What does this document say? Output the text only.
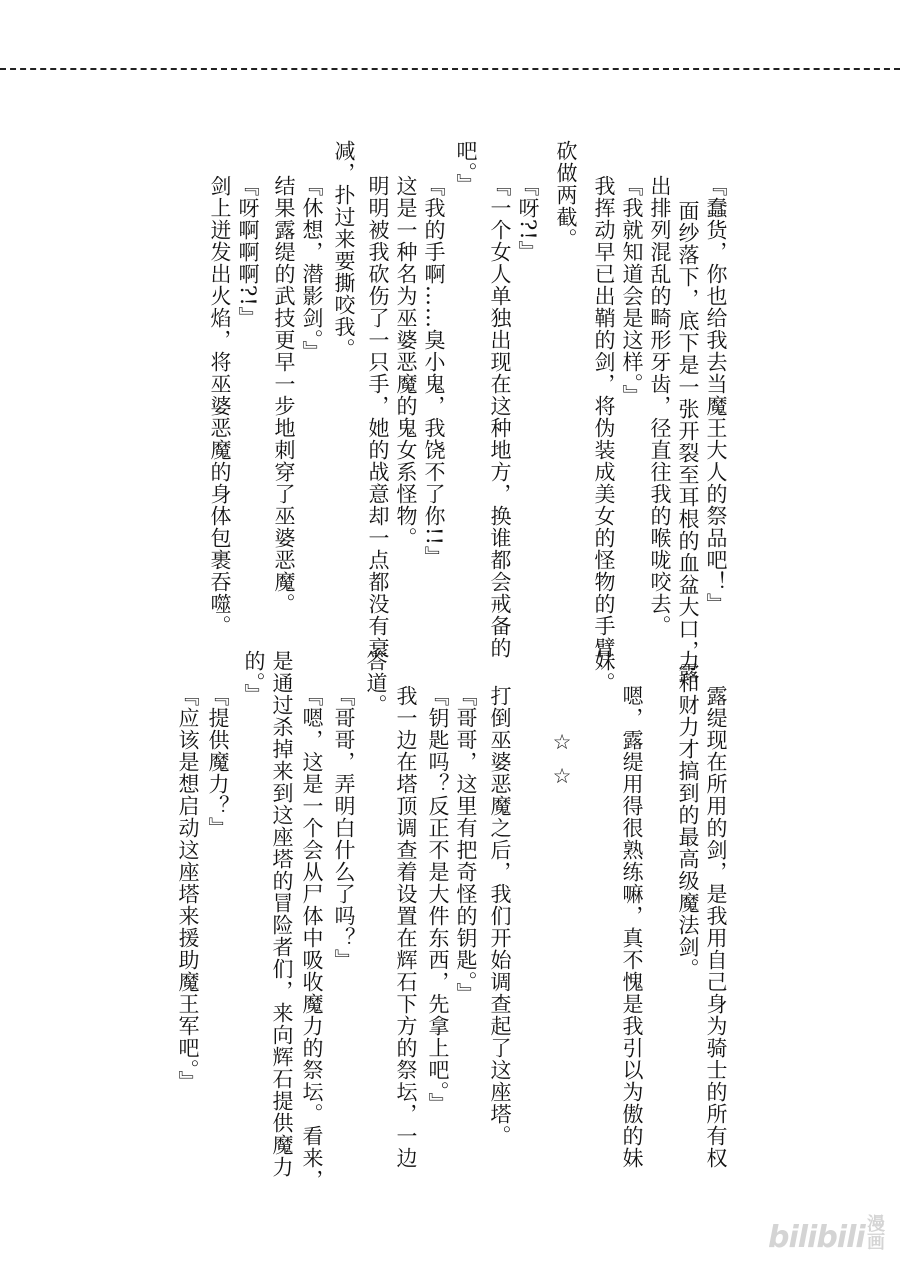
『蠢货，你也给我去当魔王大人的祭品吧！』
面纱落下，底下是一张开裂至耳根的血盆大口，露
出排列混乱的畸形牙齿，径直往我的喉咙咬去。
『我就知道会是这样。』
我挥动早已出鞘的剑，将伪装成美女的怪物的手臂
砍做两截。
『呀?!』
『一个女人单独出现在这种地方，换谁都会戒备的
吧。』
『我的手啊……臭小鬼，我饶不了你!!』
这是一种名为巫婆恶魔的鬼女系怪物。
明明被我砍伤了一只手，她的战意却一点都没有衰
减，扑过来要撕咬我。
『休想，潜影剑。』
结果露缇的武技更早一步地刺穿了巫婆恶魔。
『呀啊啊啊?!』
剑上迸发出火焰，将巫婆恶魔的身体包裹吞噬。
露缇现在所用的剑，是我用自己身为骑士的所有权
力和财力才搞到的最高级魔法剑。
嗯，露缇用得很熟练嘛，真不愧是我引以为傲的妹
妹。
☆☆
打倒巫婆恶魔之后，我们开始调查起了这座塔。
『哥哥，这里有把奇怪的钥匙。』
『钥匙吗？反正不是大件东西，先拿上吧。』
我一边在塔顶调查着设置在辉石下方的祭坛，一边
答道。
『哥哥，弄明白什么了吗？』
『嗯，这是一个会从尸体中吸收魔力的祭坛。看来，
是通过杀掉来到这座塔的冒险者们，来向辉石提供魔力
的。』
『提供魔力？』
『应该是想启动这座塔来援助魔王军吧。』
bilibili 漫画
